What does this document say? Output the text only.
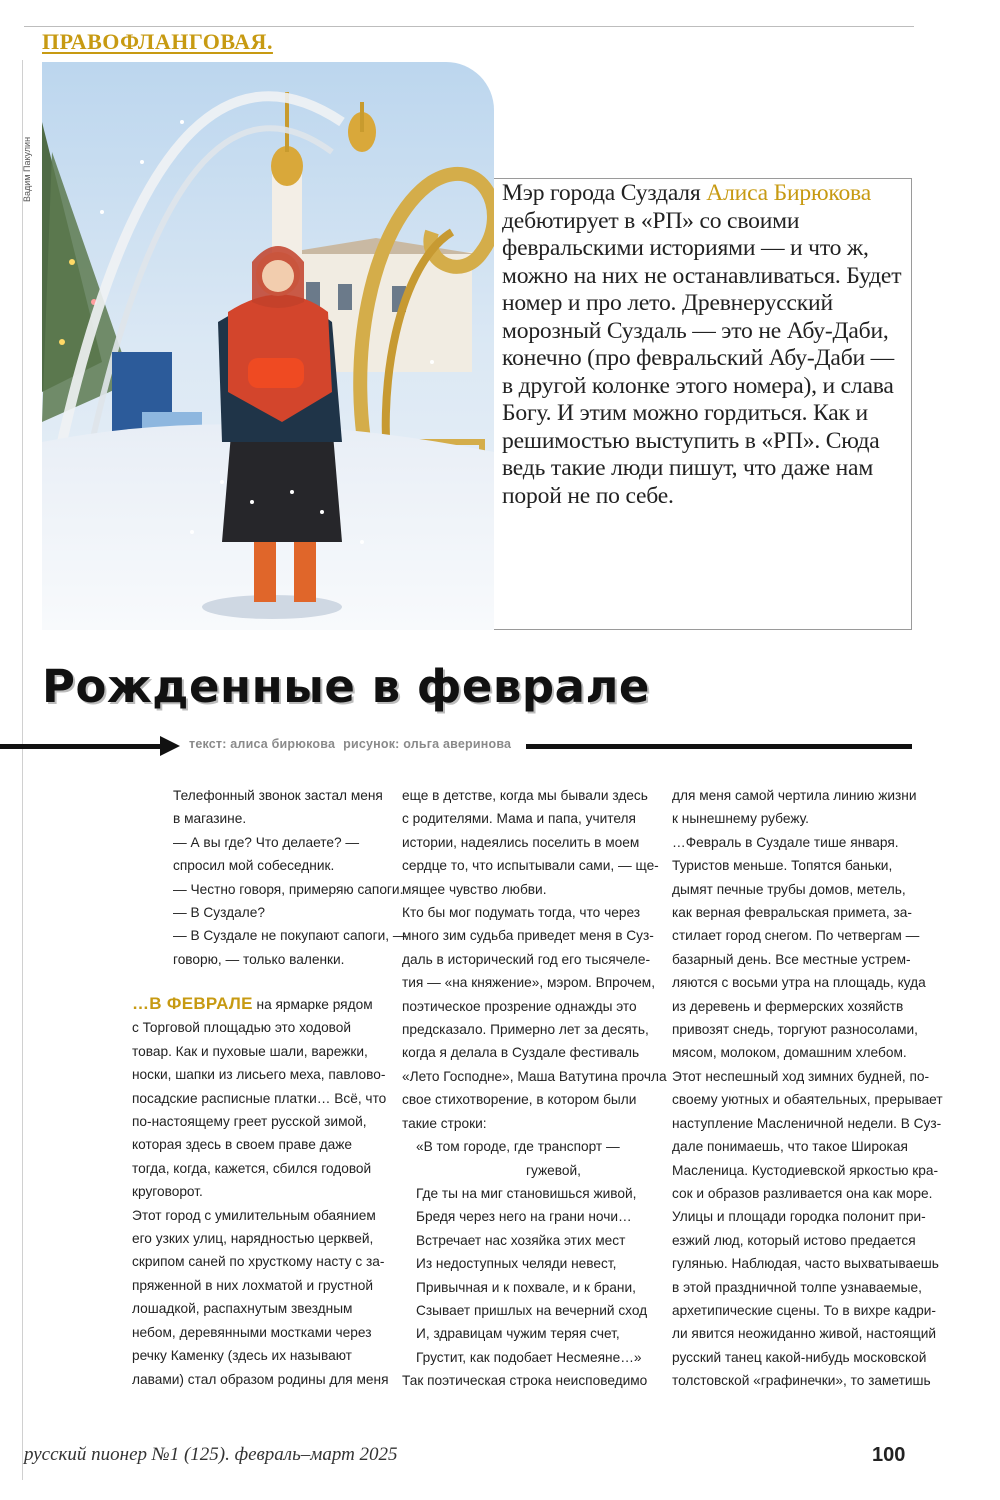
ПРАВОФЛАНГОВАЯ.
Вадим Пакулин	Мэр города Суздаля Алиса Бирюкова дебютирует в «РП» со своими февральскими историями — и что ж, можно на них не останавливаться. Будет номер и про лето. Древнерусский морозный Суздаль — это не Абу-Даби, конечно (про февральский Абу-Даби — в другой колонке этого номера), и слава Богу. И этим можно гордиться. Как и решимостью выступить в «РП». Сюда ведь такие люди пишут, что даже нам порой не по себе.
Рожденные в феврале
текст: алиса бирюкова рисунок: ольга аверинова
Телефонный звонок застал меня
в магазине.
— А вы где? Что делаете? —
спросил мой собеседник.
— Честно говоря, примеряю сапоги.
— В Суздале?
— В Суздале не покупают сапоги, —
говорю, — только валенки.
…В ФЕВРАЛЕ на ярмарке рядом
с Торговой площадью это ходовой
товар. Как и пуховые шали, варежки,
носки, шапки из лисьего меха, павлово-
посадские расписные платки… Всё, что
по-настоящему греет русской зимой,
которая здесь в своем праве даже
тогда, когда, кажется, сбился годовой
круговорот.
Этот город с умилительным обаянием
его узких улиц, нарядностью церквей,
скрипом саней по хрусткому насту с за-
пряженной в них лохматой и грустной
лошадкой, распахнутым звездным
небом, деревянными мостками через
речку Каменку (здесь их называют
лавами) стал образом родины для меня
еще в детстве, когда мы бывали здесь
с родителями. Мама и папа, учителя
истории, надеялись поселить в моем
сердце то, что испытывали сами, — ще-
мящее чувство любви.
Кто бы мог подумать тогда, что через
много зим судьба приведет меня в Суз-
даль в исторический год его тысячеле-
тия — «на княжение», мэром. Впрочем,
поэтическое прозрение однажды это
предсказало. Примерно лет за десять,
когда я делала в Суздале фестиваль
«Лето Господне», Маша Ватутина прочла
свое стихотворение, в котором были
такие строки:
«В том городе, где транспорт —
гужевой,
Где ты на миг становишься живой,
Бредя через него на грани ночи…
Встречает нас хозяйка этих мест
Из недоступных челяди невест,
Привычная и к похвале, и к брани,
Сзывает пришлых на вечерний сход
И, здравицам чужим теряя счет,
Грустит, как подобает Несмеяне…»
Так поэтическая строка неисповедимо
для меня самой чертила линию жизни
к нынешнему рубежу.
…Февраль в Суздале тише января.
Туристов меньше. Топятся баньки,
дымят печные трубы домов, метель,
как верная февральская примета, за-
стилает город снегом. По четвергам —
базарный день. Все местные устрем-
ляются с восьми утра на площадь, куда
из деревень и фермерских хозяйств
привозят снедь, торгуют разносолами,
мясом, молоком, домашним хлебом.
Этот неспешный ход зимних будней, по-
своему уютных и обаятельных, прерывает
наступление Масленичной недели. В Суз-
дале понимаешь, что такое Широкая
Масленица. Кустодиевской яркостью кра-
сок и образов разливается она как море.
Улицы и площади городка полонит при-
езжий люд, который истово предается
гулянью. Наблюдая, часто выхватываешь
в этой праздничной толпе узнаваемые,
архетипические сцены. То в вихре кадри-
ли явится неожиданно живой, настоящий
русский танец какой-нибудь московской
толстовской «графинечки», то заметишь
русский пионер №1 (125). февраль–март 2025	100
